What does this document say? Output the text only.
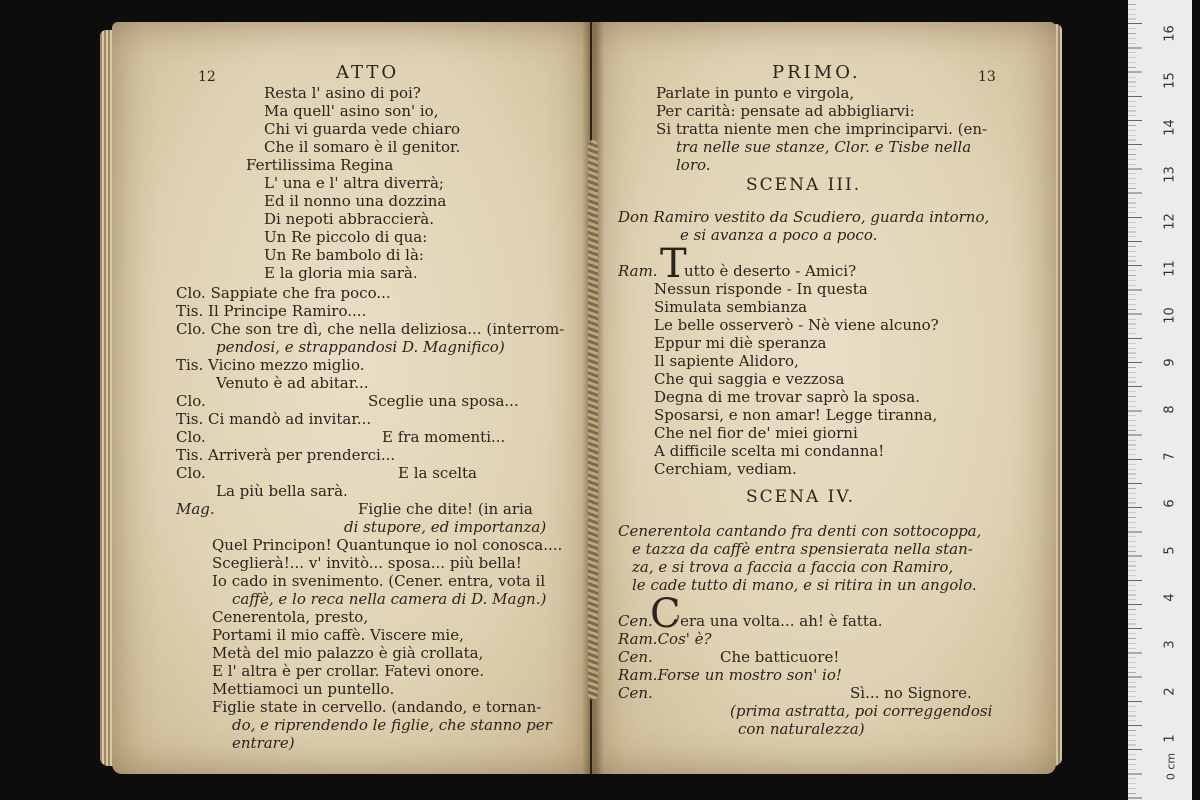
12	ATTO
Resta l' asino di poi?
Ma quell' asino son' io,
Chi vi guarda vede chiaro
Che il somaro è il genitor.
Fertilissima Regina
L' una e l' altra diverrà;
Ed il nonno una dozzina
Di nepoti abbraccierà.
Un Re piccolo di qua:
Un Re bambolo di là:
E la gloria mia sarà.
Clo. Sappiate che fra poco...
Tis. Il Principe Ramiro....
Clo. Che son tre dì, che nella deliziosa... (interrom-
pendosi, e strappandosi D. Magnifico)
Tis. Vicino mezzo miglio.
Venuto è ad abitar...
Clo.	Sceglie una sposa...
Tis. Ci mandò ad invitar...
Clo.	E fra momenti...
Tis. Arriverà per prenderci...
Clo.	E la scelta
La più bella sarà.
Mag.	Figlie che dite! (in aria
di stupore, ed importanza)
Quel Principon! Quantunque io nol conosca....
Sceglierà!... v' invitò... sposa... più bella!
Io cado in svenimento. (Cener. entra, vota il
caffè, e lo reca nella camera di D. Magn.)
Cenerentola, presto,
Portami il mio caffè. Viscere mie,
Metà del mio palazzo è già crollata,
E l' altra è per crollar. Fatevi onore.
Mettiamoci un puntello.
Figlie state in cervello. (andando, e tornan-
do, e riprendendo le figlie, che stanno per
entrare)
PRIMO.	13
Parlate in punto e virgola,
Per carità: pensate ad abbigliarvi:
Si tratta niente men che imprinciparvi. (en-
tra nelle sue stanze, Clor. e Tisbe nella
loro.
SCENA III.
Don Ramiro vestito da Scudiero, guarda intorno,
e si avanza a poco a poco.
Ram. T
utto è deserto - Amici?
Nessun risponde - In questa
Simulata sembianza
Le belle osserverò - Nè viene alcuno?
Eppur mi diè speranza
Il sapiente Alidoro,
Che qui saggia e vezzosa
Degna di me trovar saprò la sposa.
Sposarsi, e non amar! Legge tiranna,
Che nel fior de' miei giorni
A difficile scelta mi condanna!
Cerchiam, vediam.
SCENA IV.
Cenerentola cantando fra denti con sottocoppa,
e tazza da caffè entra spensierata nella stan-
za, e si trova a faccia a faccia con Ramiro,
le cade tutto di mano, e si ritira in un angolo.
Cen.
C
'era una volta... ah! è fatta.
Ram.Cos' è?
Cen.	Che batticuore!
Ram.Forse un mostro son' io!
Cen.	Sì... no Signore.
(prima astratta, poi correggendosi
con naturalezza)
0 cm
1
2
3
4
5
6
7
8
9
10
11
12
13
14
15
16
